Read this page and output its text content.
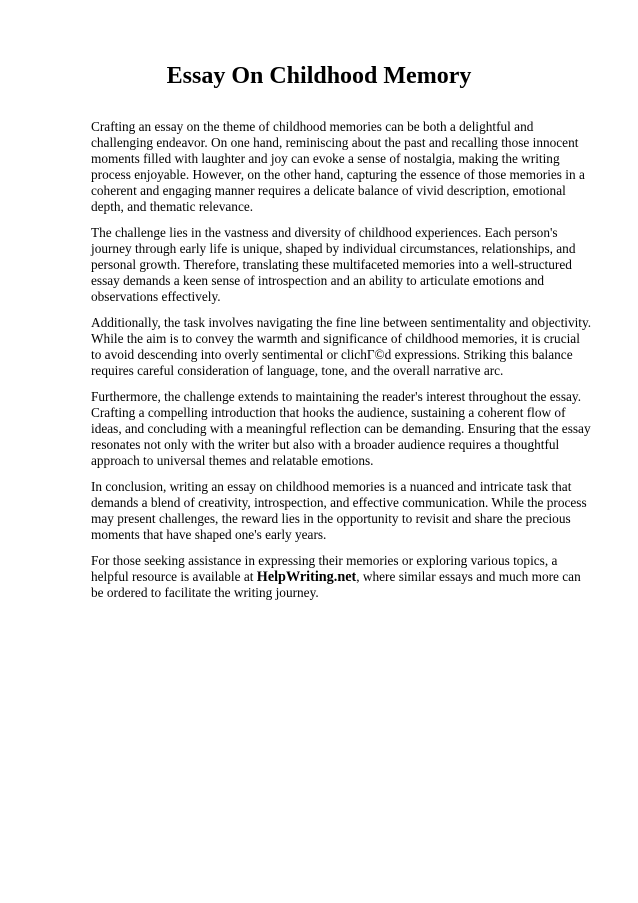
Essay On Childhood Memory

Crafting an essay on the theme of childhood memories can be both a delightful and challenging endeavor. On one hand, reminiscing about the past and recalling those innocent moments filled with laughter and joy can evoke a sense of nostalgia, making the writing process enjoyable. However, on the other hand, capturing the essence of those memories in a coherent and engaging manner requires a delicate balance of vivid description, emotional depth, and thematic relevance.

The challenge lies in the vastness and diversity of childhood experiences. Each person's journey through early life is unique, shaped by individual circumstances, relationships, and personal growth. Therefore, translating these multifaceted memories into a well-structured essay demands a keen sense of introspection and an ability to articulate emotions and observations effectively.

Additionally, the task involves navigating the fine line between sentimentality and objectivity. While the aim is to convey the warmth and significance of childhood memories, it is crucial to avoid descending into overly sentimental or clichΓ©d expressions. Striking this balance requires careful consideration of language, tone, and the overall narrative arc.

Furthermore, the challenge extends to maintaining the reader's interest throughout the essay. Crafting a compelling introduction that hooks the audience, sustaining a coherent flow of ideas, and concluding with a meaningful reflection can be demanding. Ensuring that the essay resonates not only with the writer but also with a broader audience requires a thoughtful approach to universal themes and relatable emotions.

In conclusion, writing an essay on childhood memories is a nuanced and intricate task that demands a blend of creativity, introspection, and effective communication. While the process may present challenges, the reward lies in the opportunity to revisit and share the precious moments that have shaped one's early years.

For those seeking assistance in expressing their memories or exploring various topics, a helpful resource is available at HelpWriting.net, where similar essays and much more can be ordered to facilitate the writing journey.
